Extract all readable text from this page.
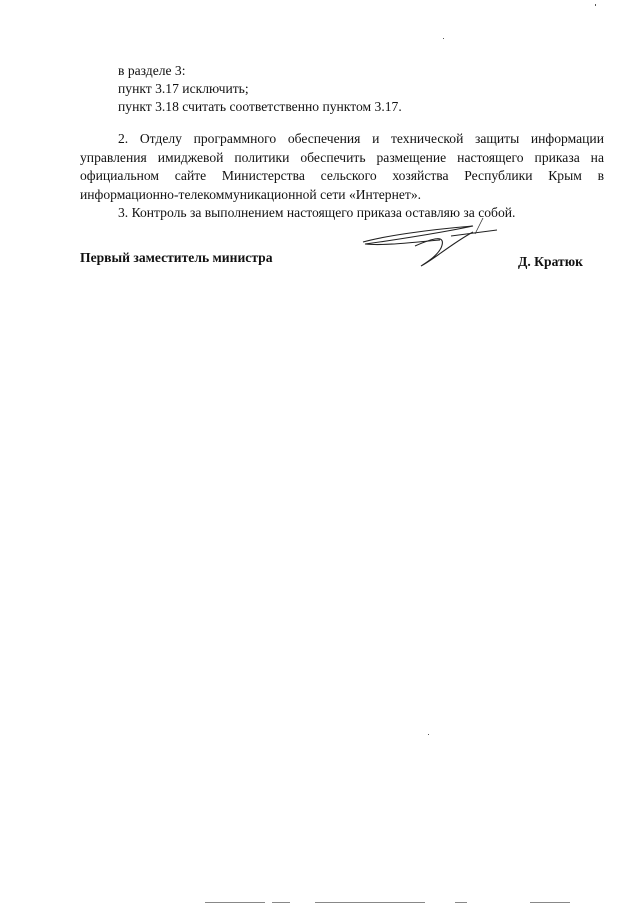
в разделе 3:
пункт 3.17 исключить;
пункт 3.18 считать соответственно пунктом 3.17.
2. Отделу программного обеспечения и технической защиты информации
управления имиджевой политики обеспечить размещение настоящего приказа на
официальном сайте Министерства сельского хозяйства Республики Крым в
информационно-телекоммуникационной сети «Интернет».
3. Контроль за выполнением настоящего приказа оставляю за собой.
Первый заместитель министра	Д. Кратюк
